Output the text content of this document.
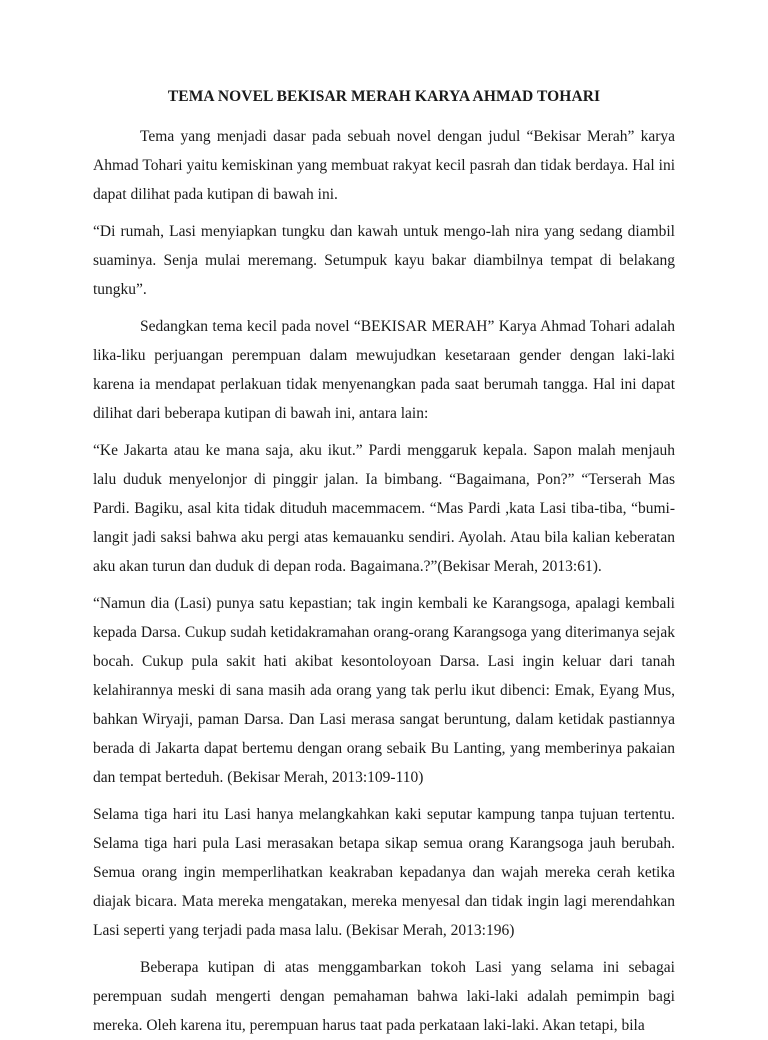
TEMA NOVEL BEKISAR MERAH KARYA AHMAD TOHARI

Tema yang menjadi dasar pada sebuah novel dengan judul “Bekisar Merah” karya Ahmad Tohari yaitu kemiskinan yang membuat rakyat kecil pasrah dan tidak berdaya. Hal ini dapat dilihat pada kutipan di bawah ini.

“Di rumah, Lasi menyiapkan tungku dan kawah untuk mengo-lah nira yang sedang diambil suaminya. Senja mulai meremang. Setumpuk kayu bakar diambilnya tempat di belakang tungku”.

Sedangkan tema kecil pada novel “BEKISAR MERAH” Karya Ahmad Tohari adalah lika-liku perjuangan perempuan dalam mewujudkan kesetaraan gender dengan laki-laki karena ia mendapat perlakuan tidak menyenangkan pada saat berumah tangga. Hal ini dapat dilihat dari beberapa kutipan di bawah ini, antara lain:

“Ke Jakarta atau ke mana saja, aku ikut.” Pardi menggaruk kepala. Sapon malah menjauh lalu duduk menyelonjor di pinggir jalan. Ia bimbang. “Bagaimana, Pon?” “Terserah Mas Pardi. Bagiku, asal kita tidak dituduh macemmacem. “Mas Pardi ,kata Lasi tiba-tiba, “bumi-langit jadi saksi bahwa aku pergi atas kemauanku sendiri. Ayolah. Atau bila kalian keberatan aku akan turun dan duduk di depan roda. Bagaimana.?”(Bekisar Merah, 2013:61).

“Namun dia (Lasi) punya satu kepastian; tak ingin kembali ke Karangsoga, apalagi kembali kepada Darsa. Cukup sudah ketidakramahan orang-orang Karangsoga yang diterimanya sejak bocah. Cukup pula sakit hati akibat kesontoloyoan Darsa. Lasi ingin keluar dari tanah kelahirannya meski di sana masih ada orang yang tak perlu ikut dibenci: Emak, Eyang Mus, bahkan Wiryaji, paman Darsa. Dan Lasi merasa sangat beruntung, dalam ketidak pastiannya berada di Jakarta dapat bertemu dengan orang sebaik Bu Lanting, yang memberinya pakaian dan tempat berteduh. (Bekisar Merah, 2013:109-110)

Selama tiga hari itu Lasi hanya melangkahkan kaki seputar kampung tanpa tujuan tertentu. Selama tiga hari pula Lasi merasakan betapa sikap semua orang Karangsoga jauh berubah. Semua orang ingin memperlihatkan keakraban kepadanya dan wajah mereka cerah ketika diajak bicara. Mata mereka mengatakan, mereka menyesal dan tidak ingin lagi merendahkan Lasi seperti yang terjadi pada masa lalu. (Bekisar Merah, 2013:196)

Beberapa kutipan di atas menggambarkan tokoh Lasi yang selama ini sebagai perempuan sudah mengerti dengan pemahaman bahwa laki-laki adalah pemimpin bagi mereka. Oleh karena itu, perempuan harus taat pada perkataan laki-laki. Akan tetapi, bila
